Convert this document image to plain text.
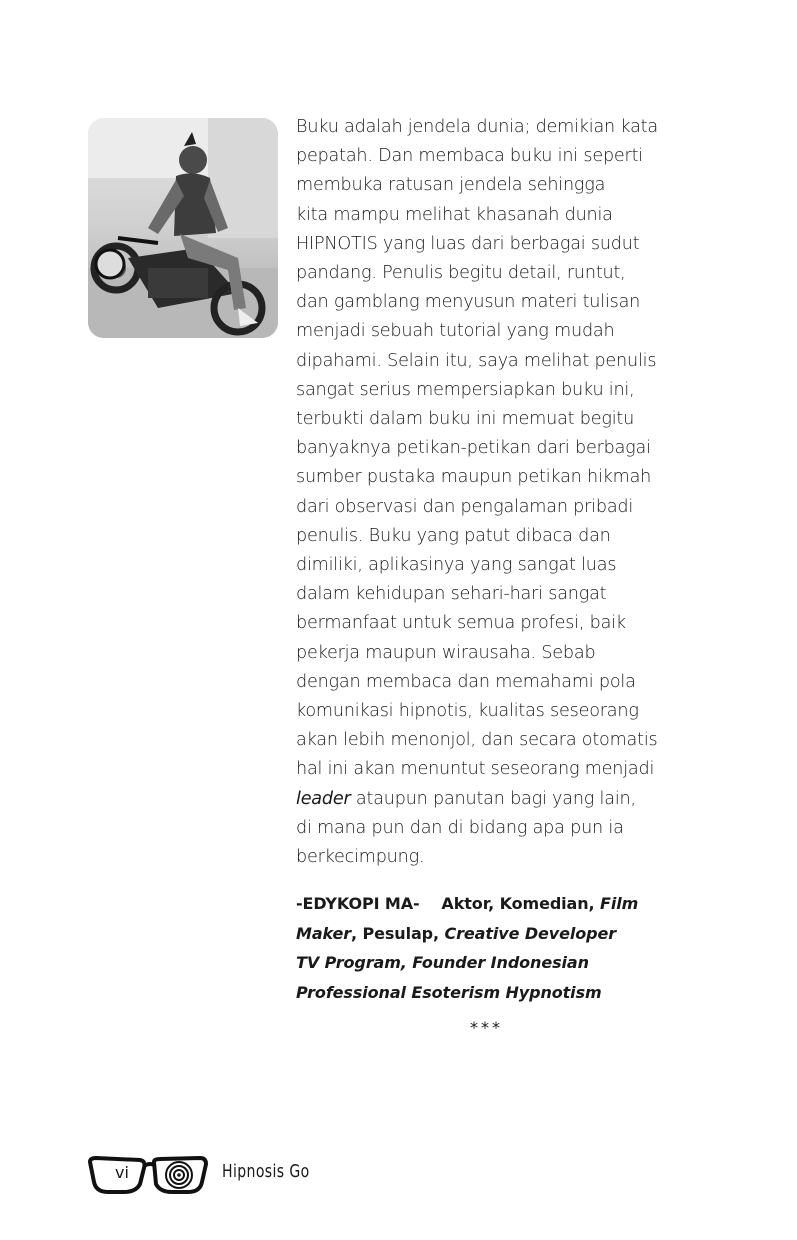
Buku adalah jendela dunia; demikian kata
pepatah. Dan membaca buku ini seperti
membuka ratusan jendela sehingga
kita mampu melihat khasanah dunia
HIPNOTIS yang luas dari berbagai sudut
pandang. Penulis begitu detail, runtut,
dan gamblang menyusun materi tulisan
menjadi sebuah tutorial yang mudah
dipahami. Selain itu, saya melihat penulis
sangat serius mempersiapkan buku ini,
terbukti dalam buku ini memuat begitu
banyaknya petikan-petikan dari berbagai
sumber pustaka maupun petikan hikmah
dari observasi dan pengalaman pribadi
penulis. Buku yang patut dibaca dan
dimiliki, aplikasinya yang sangat luas
dalam kehidupan sehari-hari sangat
bermanfaat untuk semua profesi, baik
pekerja maupun wirausaha. Sebab
dengan membaca dan memahami pola
komunikasi hipnotis, kualitas seseorang
akan lebih menonjol, dan secara otomatis
hal ini akan menuntut seseorang menjadi
leader ataupun panutan bagi yang lain,
di mana pun dan di bidang apa pun ia
berkecimpung.
-EDYKOPI MA-    Aktor, Komedian, Film
Maker, Pesulap, Creative Developer
TV Program, Founder Indonesian
Professional Esoterism Hypnotism
***
vi	Hipnosis Go
